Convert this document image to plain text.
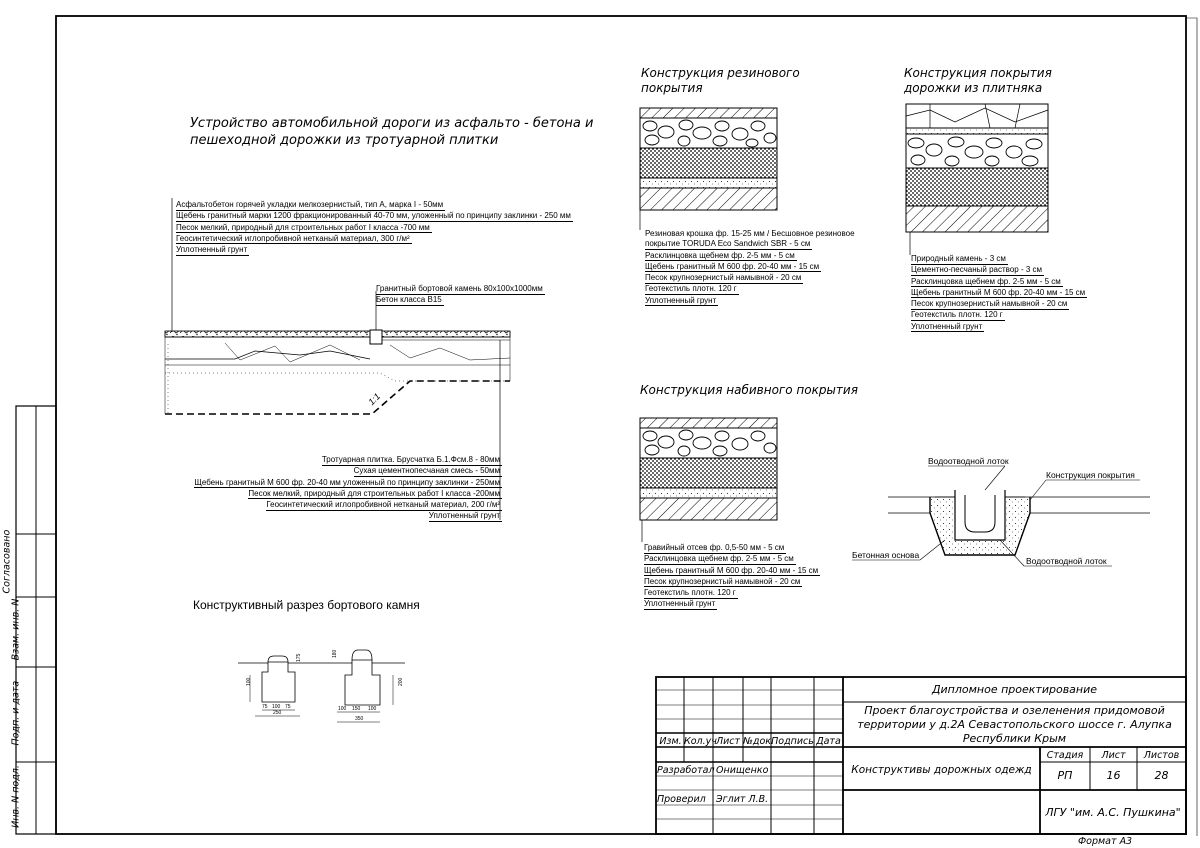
1:1
100
175
75 100 75
250
180
200
100 150 100
350
Устройство автомобильной дороги из асфальто - бетона и
пешеходной дорожки из тротуарной плитки
Асфальтобетон горячей укладки мелкозернистый, тип А, марка I - 50мм
Щебень гранитный марки 1200 фракционированный 40-70 мм, уложенный по принципу заклинки - 250 мм
Песок мелкий, природный для строительных работ I класса -700 мм
Геосинтетический иглопробивной нетканый материал, 300 г/м²
Уплотненный грунт
Гранитный бортовой камень 80х100х1000мм
Бетон класса B15
Тротуарная плитка. Брусчатка Б.1.Фсм.8 - 80мм
Сухая цементнопесчаная смесь - 50мм
Щебень гранитный М 600 фр. 20-40 мм уложенный по принципу заклинки - 250мм
Песок мелкий, природный для строительных работ I класса -200мм
Геосинтетический иглопробивной нетканый материал, 200 г/м²
Уплотненный грунт
Конструктивный разрез бортового камня
Конструкция резинового
покрытия
Резиновая крошка фр. 15-25 мм / Бесшовное резиновое
покрытие TORUDA Eco Sandwich SBR - 5 см
Расклинцовка щебнем фр. 2-5 мм - 5 см
Щебень гранитный М 600 фр. 20-40 мм - 15 см
Песок крупнозернистый намывной - 20 см
Геотекстиль плотн. 120 г
Уплотненный грунт
Конструкция покрытия
дорожки из плитняка
Природный камень - 3 см
Цементно-песчаный раствор - 3 см
Расклинцовка щебнем фр. 2-5 мм - 5 см
Щебень гранитный М 600 фр. 20-40 мм - 15 см
Песок крупнозернистый намывной - 20 см
Геотекстиль плотн. 120 г
Уплотненный грунт
Конструкция набивного покрытия
Гравийный отсев фр. 0,5-50 мм - 5 см
Расклинцовка щебнем фр. 2-5 мм - 5 см
Щебень гранитный М 600 фр. 20-40 мм - 15 см
Песок крупнозернистый намывной - 20 см
Геотекстиль плотн. 120 г
Уплотненный грунт
Водоотводной лоток
Конструкция покрытия
Бетонная основа
Водоотводной лоток
Дипломное проектирование
Проект благоустройства и озеленения придомовой
территории у д.2А Севастопольского шоссе г. Алупка
Республики Крым
Изм. Кол.уч Лист №док.
Подпись Дата
Разработал Онищенко
Проверил Эглит Л.В.
Конструктивы дорожных одежд
Стадия	Лист	Листов
РП	16	28
ЛГУ "им. А.С. Пушкина"
Формат А3
Согласовано
Взам. инв. N
Подп. и дата
Инв. N подл.
